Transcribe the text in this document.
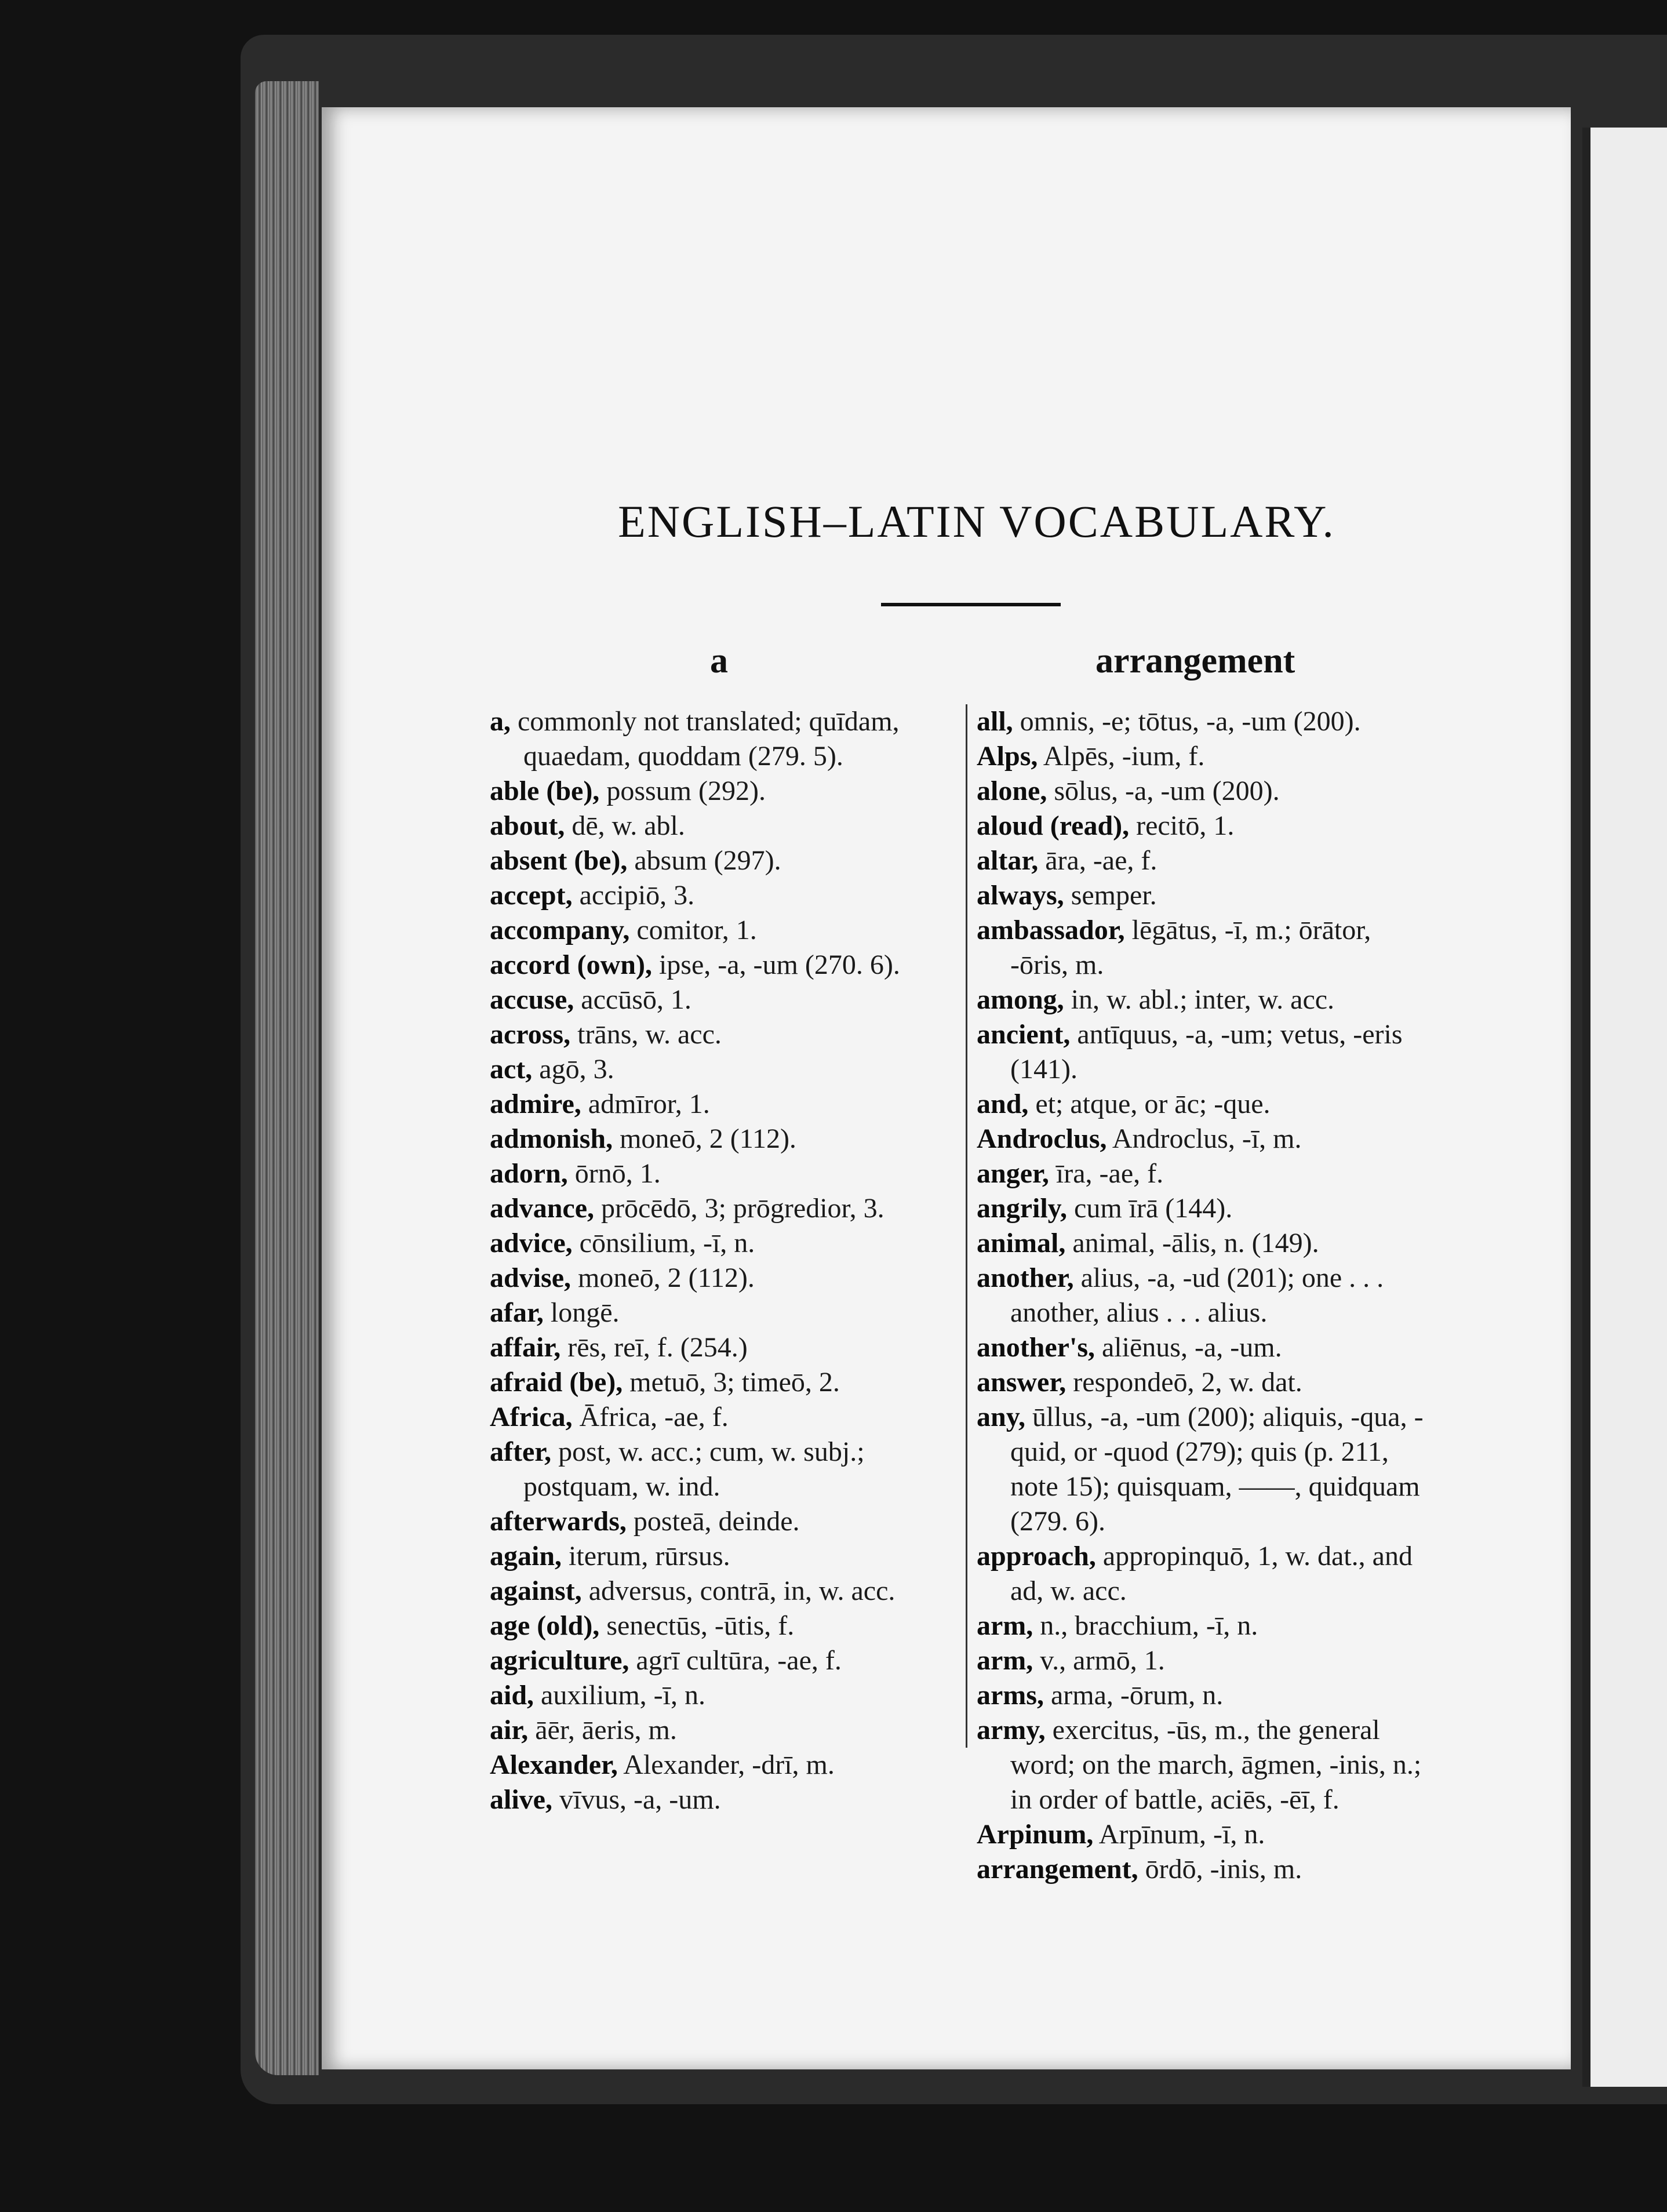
ENGLISH–LATIN VOCABULARY.
a	arrangement
a, commonly not translated; quīdam, quaedam, quoddam (279. 5).
able (be), possum (292).
about, dē, w. abl.
absent (be), absum (297).
accept, accipiō, 3.
accompany, comitor, 1.
accord (own), ipse, -a, -um (270. 6).
accuse, accūsō, 1.
across, trāns, w. acc.
act, agō, 3.
admire, admīror, 1.
admonish, moneō, 2 (112).
adorn, ōrnō, 1.
advance, prōcēdō, 3; prōgredior, 3.
advice, cōnsilium, -ī, n.
advise, moneō, 2 (112).
afar, longē.
affair, rēs, reī, f. (254.)
afraid (be), metuō, 3; timeō, 2.
Africa, Āfrica, -ae, f.
after, post, w. acc.; cum, w. subj.; postquam, w. ind.
afterwards, posteā, deinde.
again, iterum, rūrsus.
against, adversus, contrā, in, w. acc.
age (old), senectūs, -ūtis, f.
agriculture, agrī cultūra, -ae, f.
aid, auxilium, -ī, n.
air, āēr, āeris, m.
Alexander, Alexander, -drī, m.
alive, vīvus, -a, -um.
all, omnis, -e; tōtus, -a, -um (200).
Alps, Alpēs, -ium, f.
alone, sōlus, -a, -um (200).
aloud (read), recitō, 1.
altar, āra, -ae, f.
always, semper.
ambassador, lēgātus, -ī, m.; ōrātor, -ōris, m.
among, in, w. abl.; inter, w. acc.
ancient, antīquus, -a, -um; vetus, -eris (141).
and, et; atque, or āc; -que.
Androclus, Androclus, -ī, m.
anger, īra, -ae, f.
angrily, cum īrā (144).
animal, animal, -ālis, n. (149).
another, alius, -a, -ud (201); one . . . another, alius . . . alius.
another's, aliēnus, -a, -um.
answer, respondeō, 2, w. dat.
any, ūllus, -a, -um (200); aliquis, -qua, -quid, or -quod (279); quis (p. 211, note 15); quisquam, ——, quidquam (279. 6).
approach, appropinquō, 1, w. dat., and ad, w. acc.
arm, n., bracchium, -ī, n.
arm, v., armō, 1.
arms, arma, -ōrum, n.
army, exercitus, -ūs, m., the general word; on the march, āgmen, -inis, n.; in order of battle, aciēs, -ēī, f.
Arpinum, Arpīnum, -ī, n.
arrangement, ōrdō, -inis, m.
